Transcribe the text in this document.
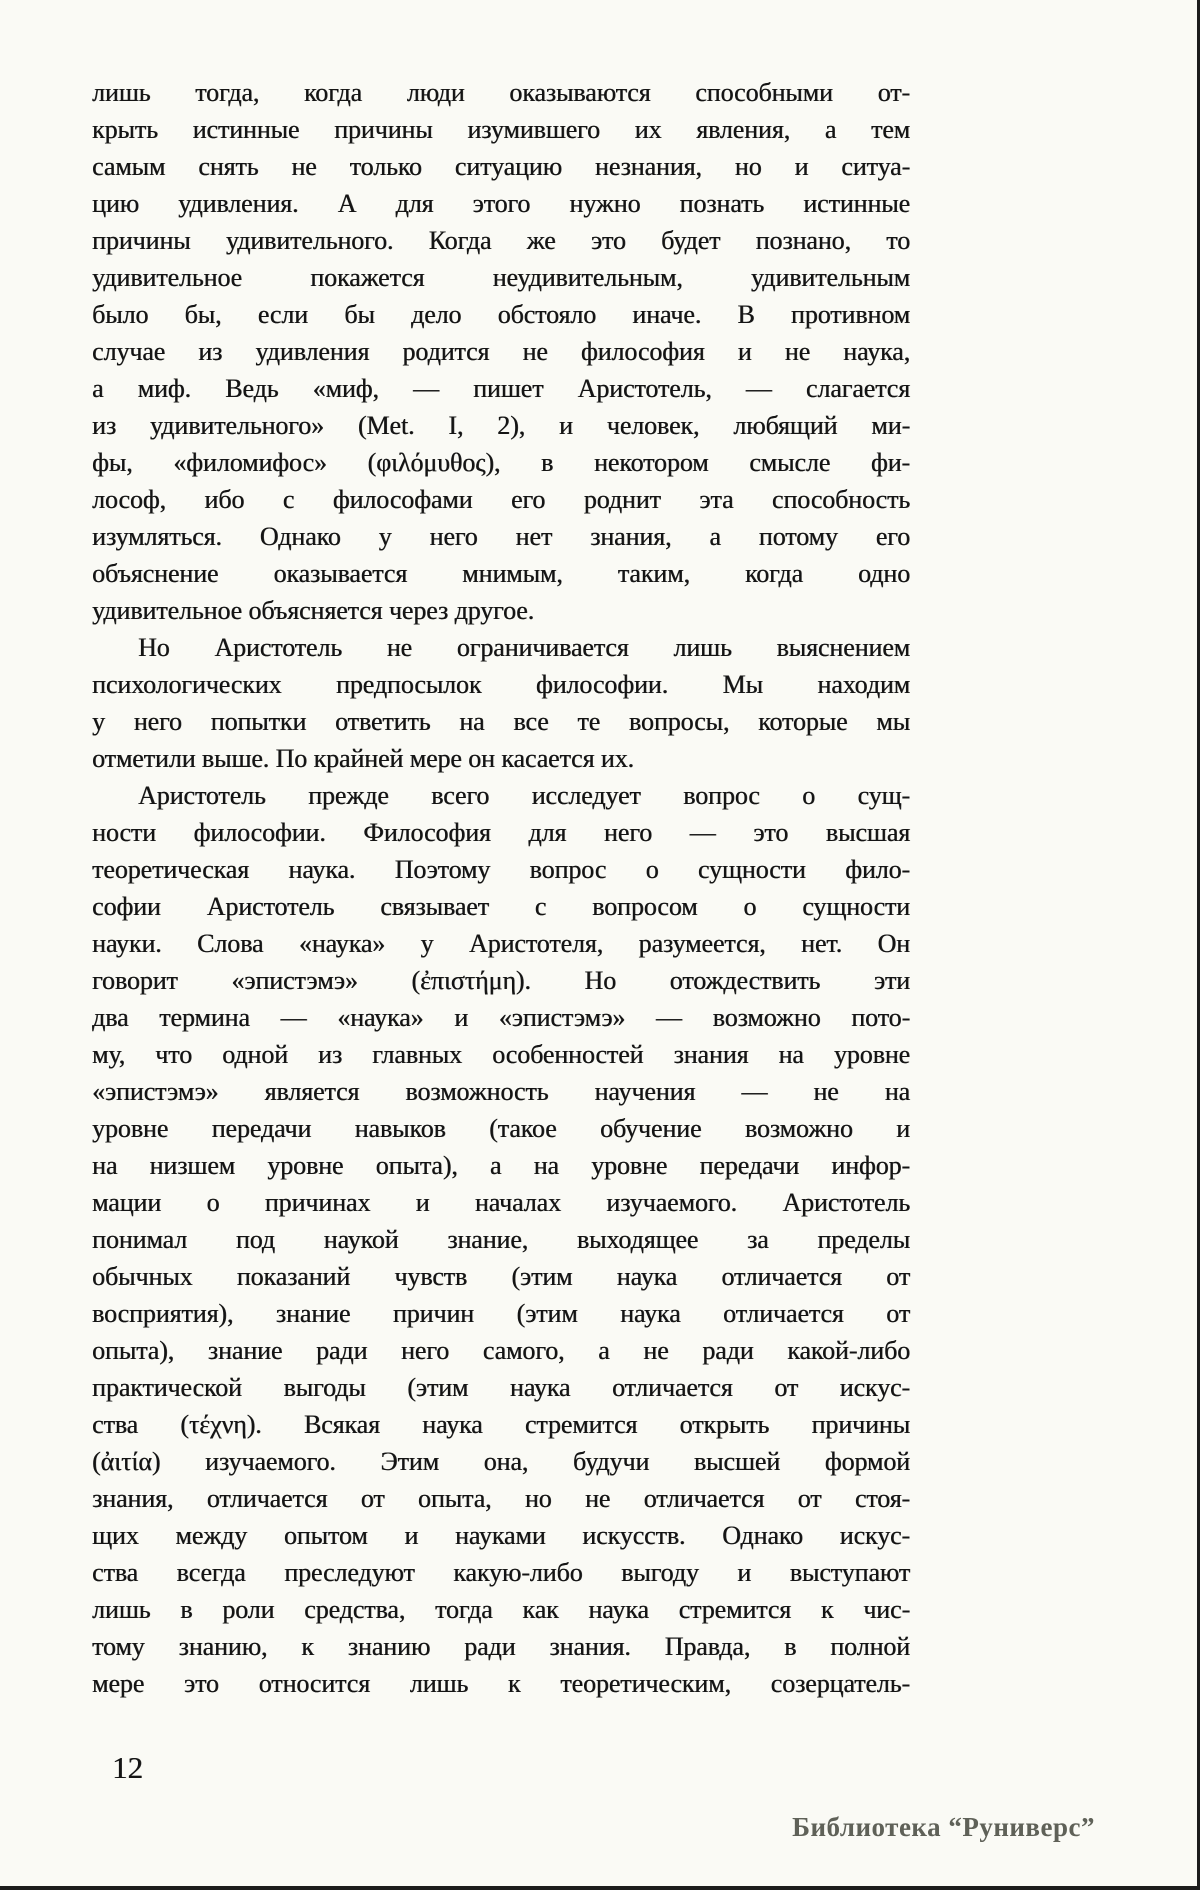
лишь тогда, когда люди оказываются способными от-
крыть истинные причины изумившего их явления, а тем
самым снять не только ситуацию незнания, но и ситуа-
цию удивления. А для этого нужно познать истинные
причины удивительного. Когда же это будет познано, то
удивительное покажется неудивительным, удивительным
было бы, если бы дело обстояло иначе. В противном
случае из удивления родится не философия и не наука,
а миф. Ведь «миф, — пишет Аристотель, — слагается
из удивительного» (Met. I, 2), и человек, любящий ми-
фы, «филомифос» (φιλόμυθος), в некотором смысле фи-
лософ, ибо с философами его роднит эта способность
изумляться. Однако у него нет знания, а потому его
объяснение оказывается мнимым, таким, когда одно
удивительное объясняется через другое.
Но Аристотель не ограничивается лишь выяснением
психологических предпосылок философии. Мы находим
у него попытки ответить на все те вопросы, которые мы
отметили выше. По крайней мере он касается их.
Аристотель прежде всего исследует вопрос о сущ-
ности философии. Философия для него — это высшая
теоретическая наука. Поэтому вопрос о сущности фило-
софии Аристотель связывает с вопросом о сущности
науки. Слова «наука» у Аристотеля, разумеется, нет. Он
говорит «эпистэмэ» (ἐπιστήμη). Но отождествить эти
два термина — «наука» и «эпистэмэ» — возможно пото-
му, что одной из главных особенностей знания на уровне
«эпистэмэ» является возможность научения — не на
уровне передачи навыков (такое обучение возможно и
на низшем уровне опыта), а на уровне передачи инфор-
мации о причинах и началах изучаемого. Аристотель
понимал под наукой знание, выходящее за пределы
обычных показаний чувств (этим наука отличается от
восприятия), знание причин (этим наука отличается от
опыта), знание ради него самого, а не ради какой-либо
практической выгоды (этим наука отличается от искус-
ства (τέχνη). Всякая наука стремится открыть причины
(ἀιτία) изучаемого. Этим она, будучи высшей формой
знания, отличается от опыта, но не отличается от стоя-
щих между опытом и науками искусств. Однако искус-
ства всегда преследуют какую-либо выгоду и выступают
лишь в роли средства, тогда как наука стремится к чис-
тому знанию, к знанию ради знания. Правда, в полной
мере это относится лишь к теоретическим, созерцатель-
12
Библиотека “Руниверс”
